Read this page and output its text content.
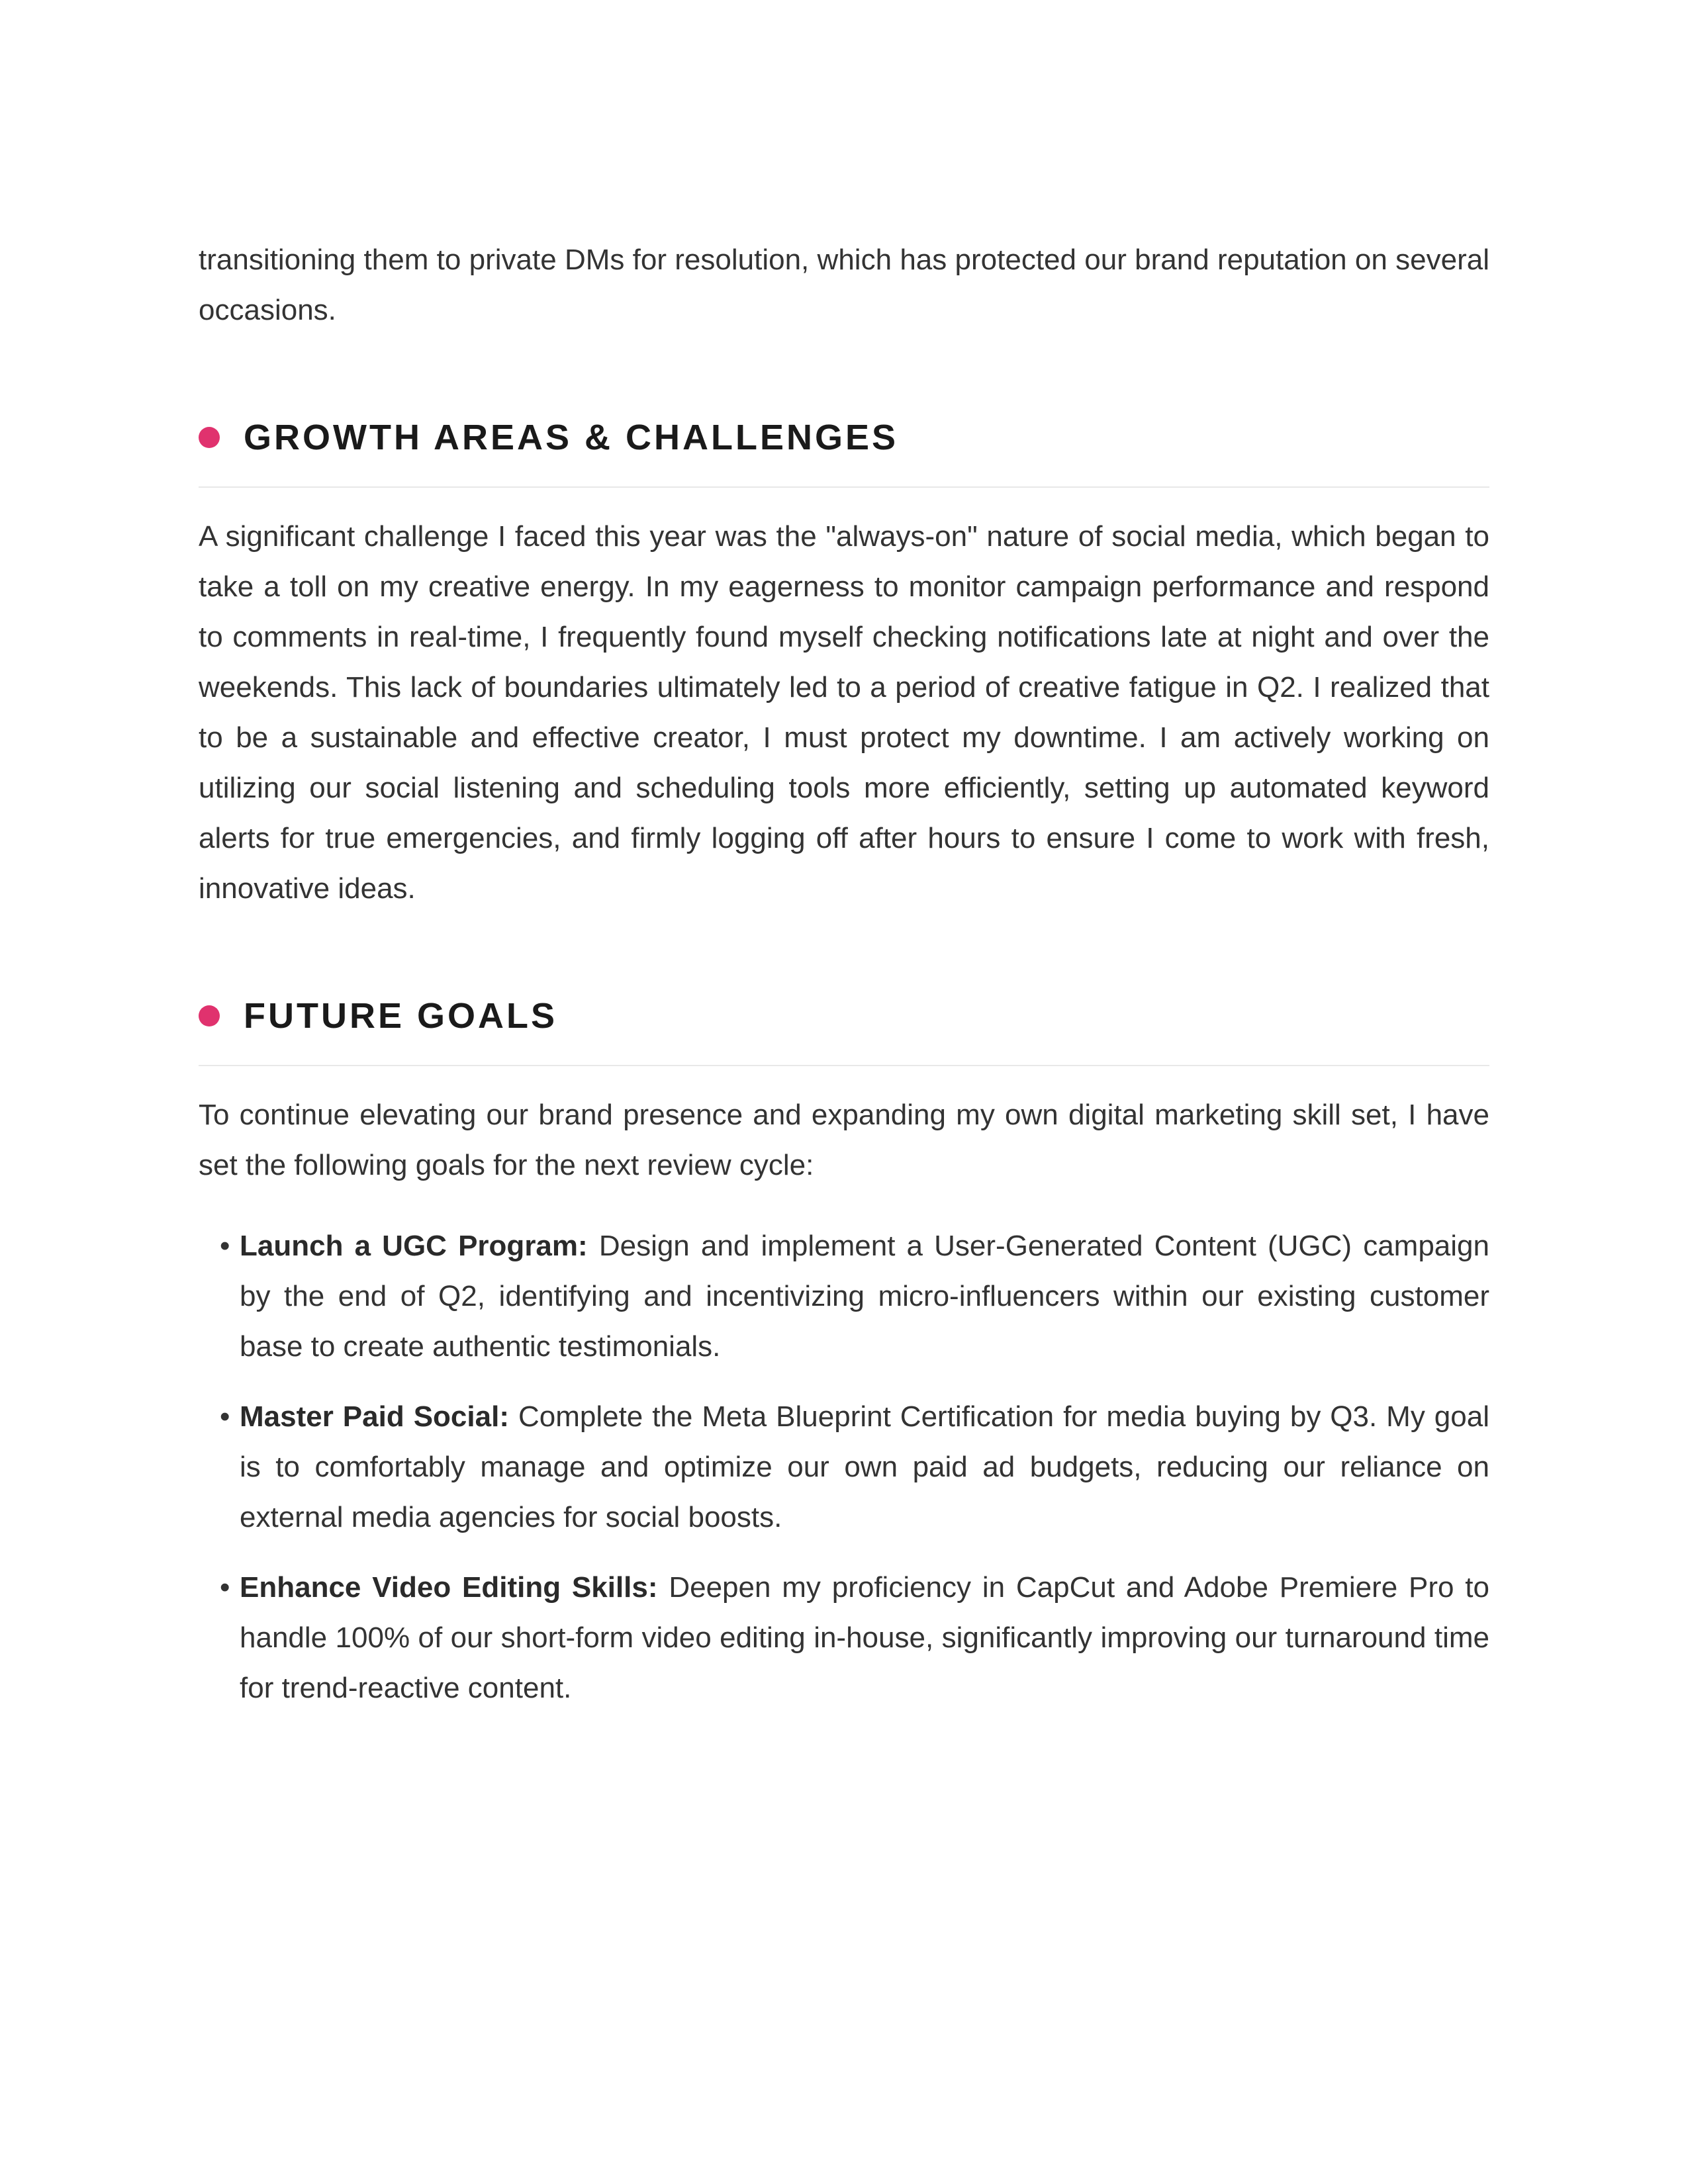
transitioning them to private DMs for resolution, which has protected our brand reputation on several occasions.

GROWTH AREAS & CHALLENGES

A significant challenge I faced this year was the "always-on" nature of social media, which began to take a toll on my creative energy. In my eagerness to monitor campaign performance and respond to comments in real-time, I frequently found myself checking notifications late at night and over the weekends. This lack of boundaries ultimately led to a period of creative fatigue in Q2. I realized that to be a sustainable and effective creator, I must protect my downtime. I am actively working on utilizing our social listening and scheduling tools more efficiently, setting up automated keyword alerts for true emergencies, and firmly logging off after hours to ensure I come to work with fresh, innovative ideas.

FUTURE GOALS

To continue elevating our brand presence and expanding my own digital marketing skill set, I have set the following goals for the next review cycle:

• Launch a UGC Program: Design and implement a User-Generated Content (UGC) campaign by the end of Q2, identifying and incentivizing micro-influencers within our existing customer base to create authentic testimonials.
• Master Paid Social: Complete the Meta Blueprint Certification for media buying by Q3. My goal is to comfortably manage and optimize our own paid ad budgets, reducing our reliance on external media agencies for social boosts.
• Enhance Video Editing Skills: Deepen my proficiency in CapCut and Adobe Premiere Pro to handle 100% of our short-form video editing in-house, significantly improving our turnaround time for trend-reactive content.
